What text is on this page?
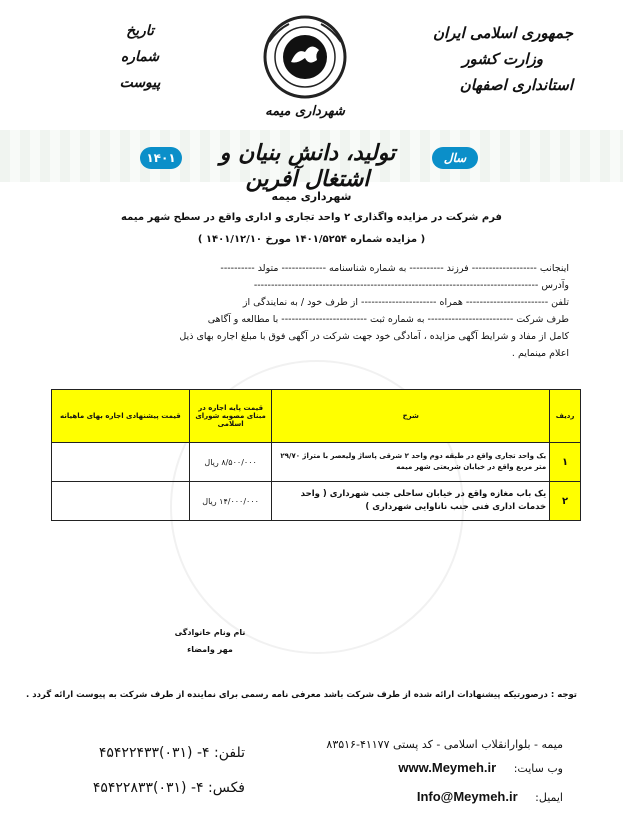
جمهوری اسلامی ایران
وزارت کشور
استانداری اصفهان
تاریخ
شماره
پیوست
شهرداری میمه
۱۴۰۱	سال
تولید، دانش بنیان و اشتغال آفرین
شهرداری میمه
فرم شرکت در مزایده واگذاری ۲ واحد تجاری و اداری واقع در سطح شهر میمه
( مزایده شماره ۱۴۰۱/۵۲۵۴ مورخ ۱۴۰۱/۱۲/۱۰ )
اینجانب ------------------- فرزند ---------- به شماره شناسنامه ------------- متولد ----------
وآدرس -----------------------------------------------------------------------------------
تلفن ------------------------ همراه ---------------------- از طرف خود / به نمایندگی از
طرف شرکت ------------------------- به شماره ثبت ------------------------- با مطالعه و آگاهی
کامل از مفاد و شرایط آگهی مزایده ، آمادگی خود جهت شرکت در آگهی فوق با مبلغ اجاره بهای ذیل
اعلام مینمایم .
ردیف	شرح	قیمت پایه اجاره در مبنای مصوبه شورای اسلامی	قیمت پیشنهادی اجاره بهای ماهیانه
۱	یک واحد تجاری واقع در طبقه دوم واحد ۲ شرقی پاساژ ولیعصر با متراژ ۲۹/۷۰ متر مربع واقع در خیابان شریعتی شهر میمه	۸/۵۰۰/۰۰۰ ریال	
۲	یک باب مغازه واقع در خیابان ساحلی جنب شهرداری ( واحد خدمات اداری فنی جنب ناناوایی شهرداری )	۱۴/۰۰۰/۰۰۰ ریال	
نام ونام خانوادگی
مهر وامضاء
توجه : درصورتیکه پیشنهادات ارائه شده از طرف شرکت باشد معرفی نامه رسمی برای نماینده از طرف شرکت به پیوست ارائه گردد .
میمه - بلوارانقلاب اسلامی - کد پستی ۴۱۱۷۷-۸۳۵۱۶
وب سایت: www.Meymeh.ir
ایمیل: Info@Meymeh.ir
تلفن: ۴- (۰۳۱)۴۵۴۲۲۴۳۳
فکس: ۴- (۰۳۱)۴۵۴۲۲۸۳۳
